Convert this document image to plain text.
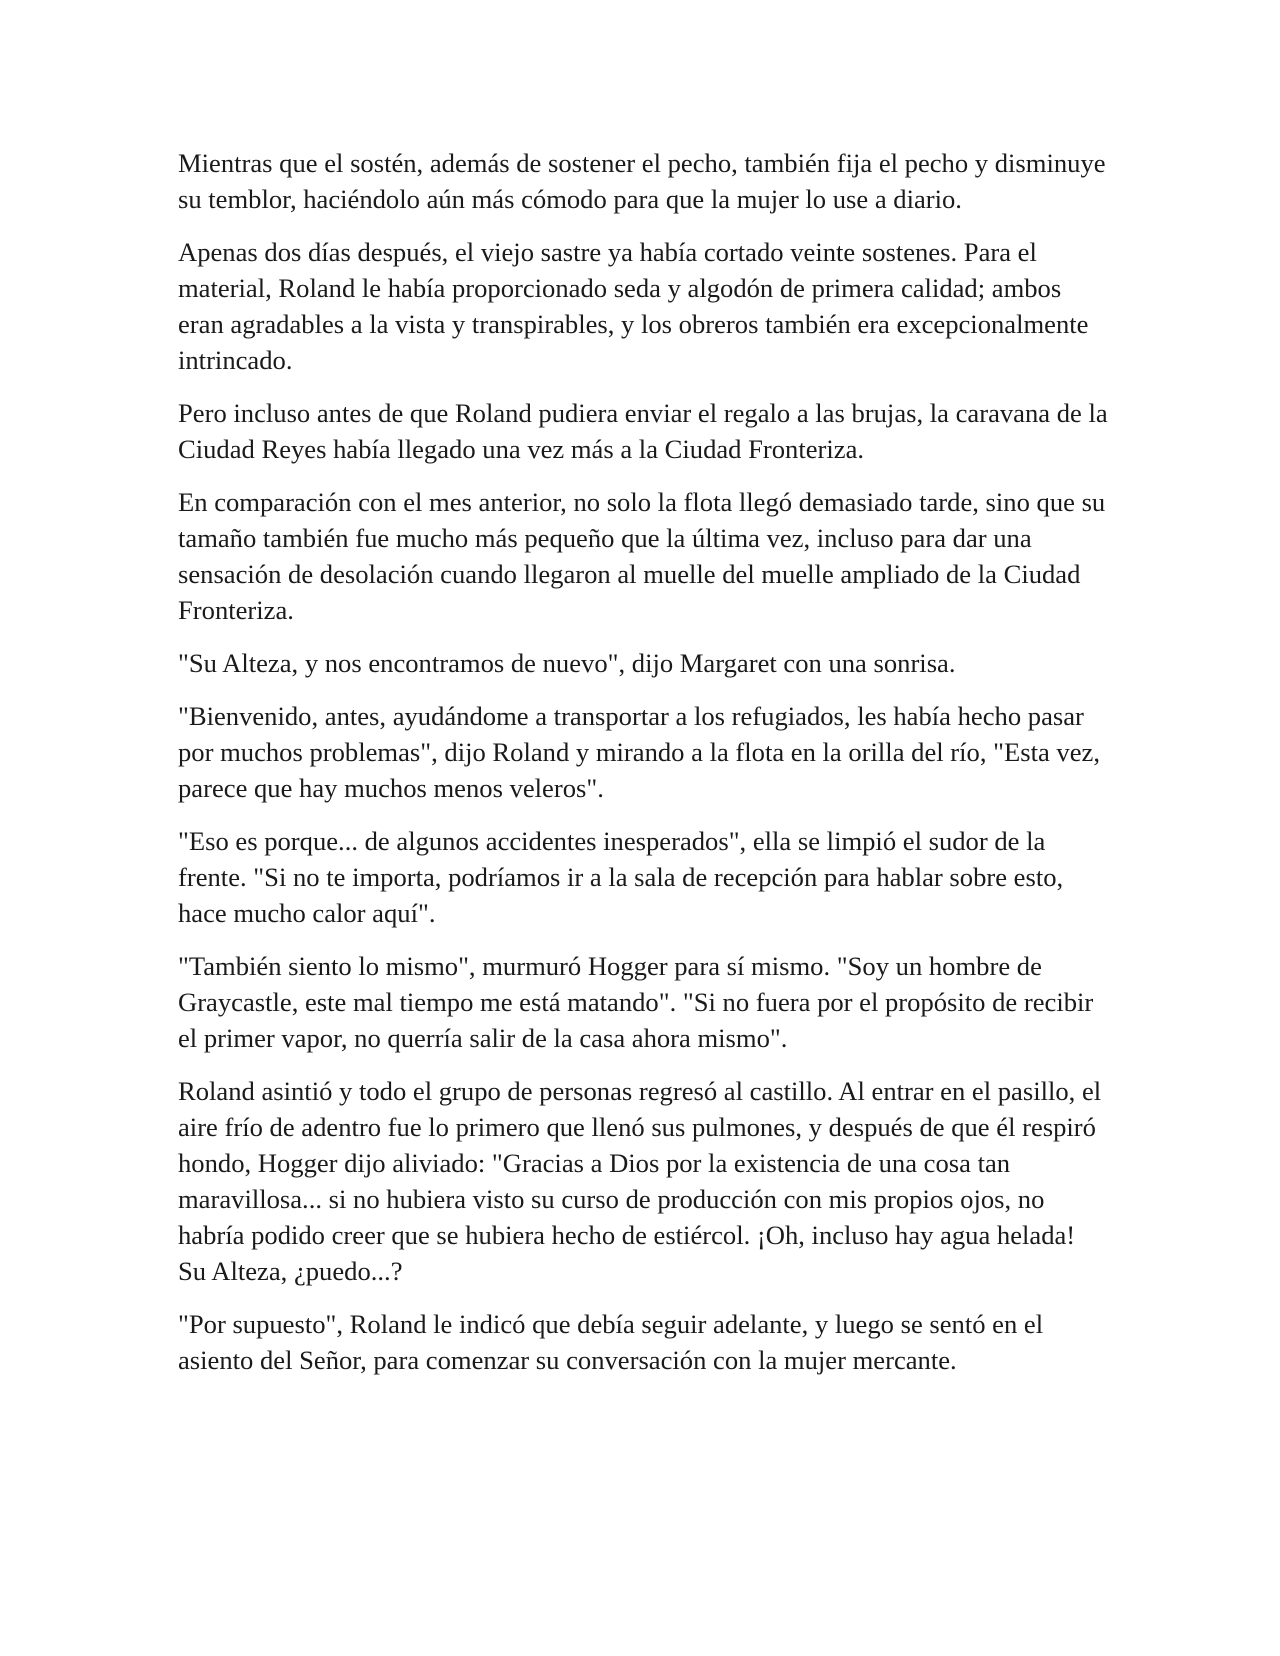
Mientras que el sostén, además de sostener el pecho, también fija el pecho y disminuye su temblor, haciéndolo aún más cómodo para que la mujer lo use a diario.

Apenas dos días después, el viejo sastre ya había cortado veinte sostenes. Para el material, Roland le había proporcionado seda y algodón de primera calidad; ambos eran agradables a la vista y transpirables, y los obreros también era excepcionalmente intrincado.

Pero incluso antes de que Roland pudiera enviar el regalo a las brujas, la caravana de la Ciudad Reyes había llegado una vez más a la Ciudad Fronteriza.

En comparación con el mes anterior, no solo la flota llegó demasiado tarde, sino que su tamaño también fue mucho más pequeño que la última vez, incluso para dar una sensación de desolación cuando llegaron al muelle del muelle ampliado de la Ciudad Fronteriza.

"Su Alteza, y nos encontramos de nuevo", dijo Margaret con una sonrisa.

"Bienvenido, antes, ayudándome a transportar a los refugiados, les había hecho pasar por muchos problemas", dijo Roland y mirando a la flota en la orilla del río, "Esta vez, parece que hay muchos menos veleros".

"Eso es porque... de algunos accidentes inesperados", ella se limpió el sudor de la frente. "Si no te importa, podríamos ir a la sala de recepción para hablar sobre esto, hace mucho calor aquí".

"También siento lo mismo", murmuró Hogger para sí mismo. "Soy un hombre de Graycastle, este mal tiempo me está matando". "Si no fuera por el propósito de recibir el primer vapor, no querría salir de la casa ahora mismo".

Roland asintió y todo el grupo de personas regresó al castillo. Al entrar en el pasillo, el aire frío de adentro fue lo primero que llenó sus pulmones, y después de que él respiró hondo, Hogger dijo aliviado: "Gracias a Dios por la existencia de una cosa tan maravillosa... si no hubiera visto su curso de producción con mis propios ojos, no habría podido creer que se hubiera hecho de estiércol. ¡Oh, incluso hay agua helada! Su Alteza, ¿puedo...?

"Por supuesto", Roland le indicó que debía seguir adelante, y luego se sentó en el asiento del Señor, para comenzar su conversación con la mujer mercante.
